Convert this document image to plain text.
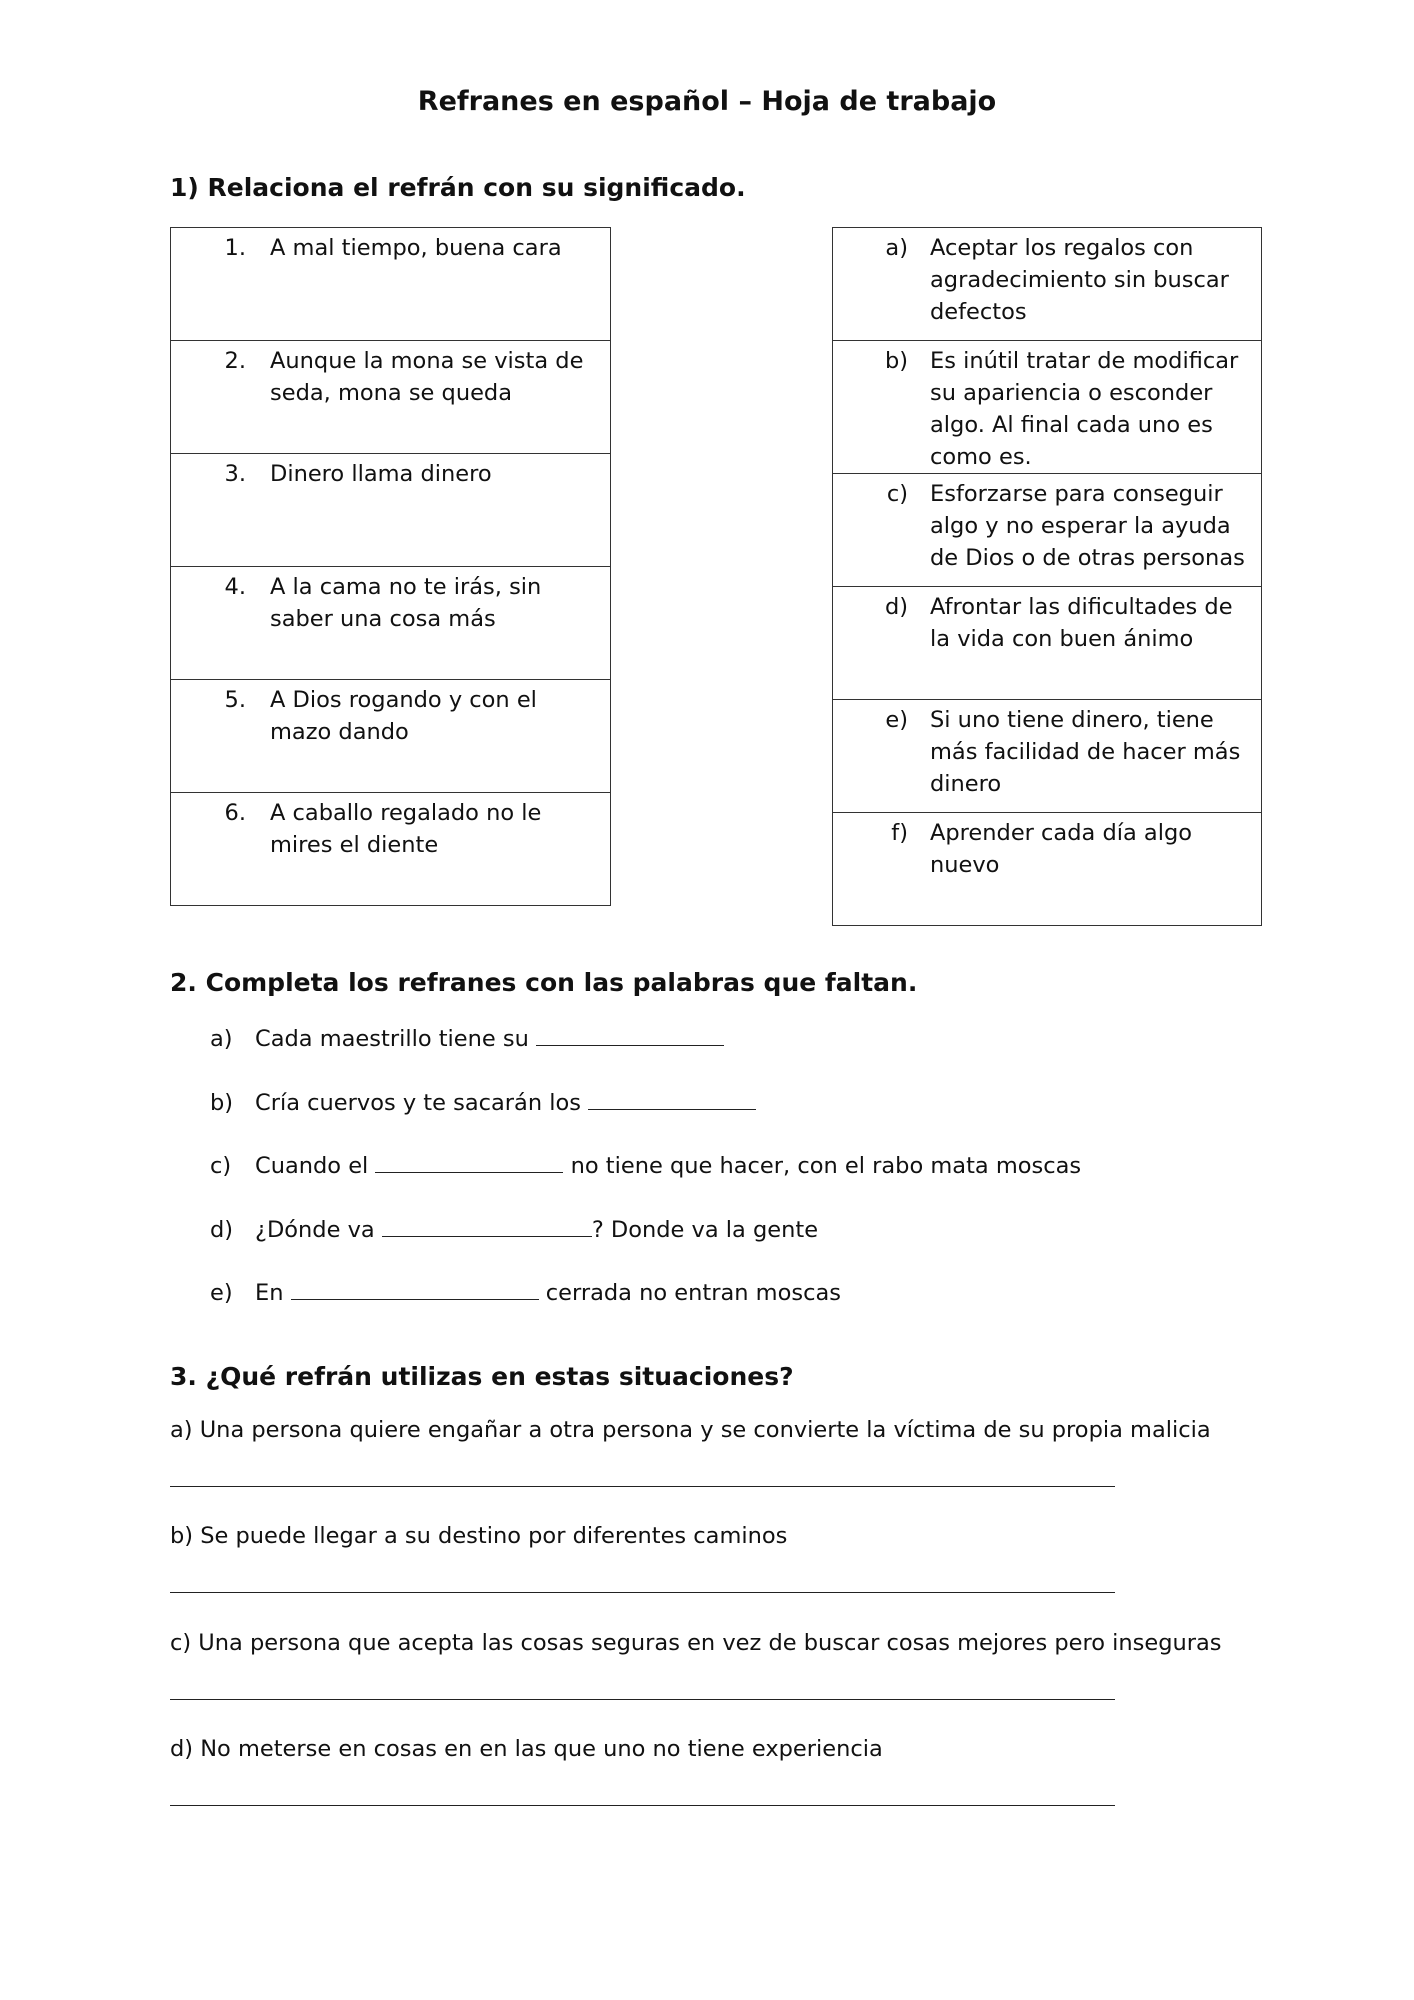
Refranes en español – Hoja de trabajo
1) Relaciona el refrán con su significado.
1.	A mal tiempo, buena cara

2.	Aunque la mona se vista de seda, mona se queda

3.	Dinero llama dinero

4.	A la cama no te irás, sin saber una cosa más

5.	A Dios rogando y con el mazo dando

6.	A caballo regalado no le mires el diente
a) Aceptar los regalos con agradecimiento sin buscar defectos

b) Es inútil tratar de modificar su apariencia o esconder algo. Al final cada uno es como es.

c) Esforzarse para conseguir algo y no esperar la ayuda de Dios o de otras personas

d) Afrontar las dificultades de la vida con buen ánimo

e) Si uno tiene dinero, tiene más facilidad de hacer más dinero

f) Aprender cada día algo nuevo
2. Completa los refranes con las palabras que faltan.
a) Cada maestrillo tiene su
b) Cría cuervos y te sacarán los
c) Cuando el	no tiene que hacer, con el rabo mata moscas
d) ¿Dónde va	? Donde va la gente
e) En	cerrada no entran moscas
3. ¿Qué refrán utilizas en estas situaciones?
a) Una persona quiere engañar a otra persona y se convierte la víctima de su propia malicia
b) Se puede llegar a su destino por diferentes caminos
c) Una persona que acepta las cosas seguras en vez de buscar cosas mejores pero inseguras
d) No meterse en cosas en en las que uno no tiene experiencia
